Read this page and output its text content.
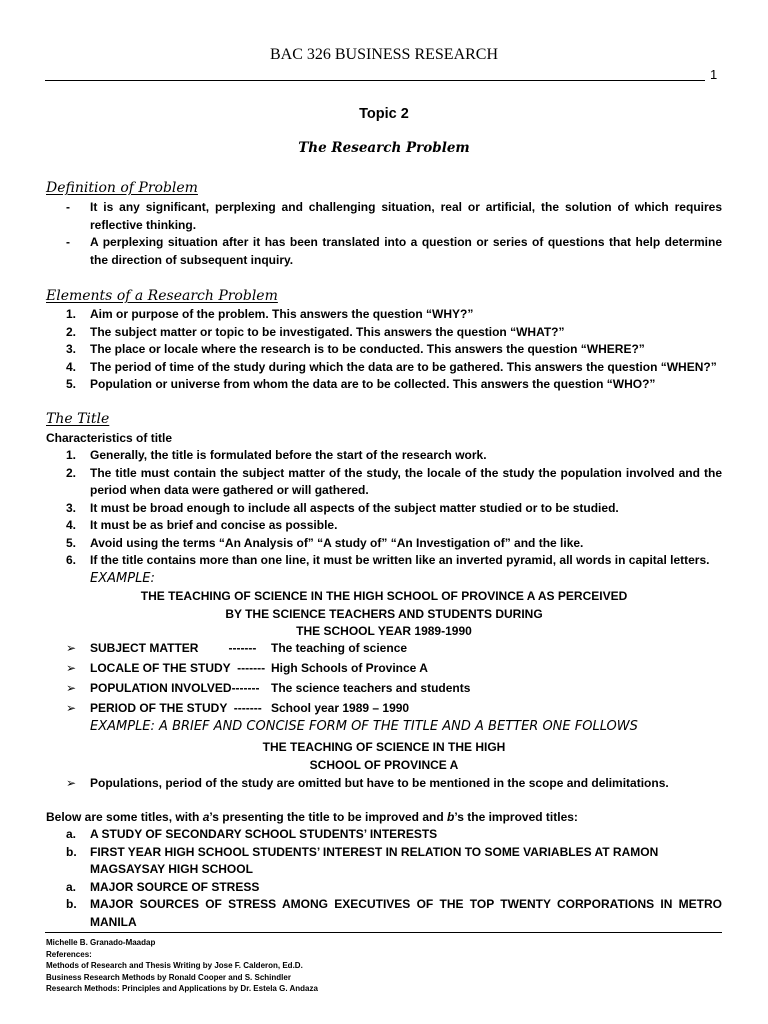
BAC 326 BUSINESS RESEARCH
1
Topic 2
The Research Problem
Definition of Problem
- It is any significant, perplexing and challenging situation, real or artificial, the solution of which requires reflective thinking.
- A perplexing situation after it has been translated into a question or series of questions that help determine the direction of subsequent inquiry.
Elements of a Research Problem
1. Aim or purpose of the problem. This answers the question “WHY?”
2. The subject matter or topic to be investigated. This answers the question “WHAT?”
3. The place or locale where the research is to be conducted. This answers the question “WHERE?”
4. The period of time of the study during which the data are to be gathered. This answers the question “WHEN?”
5. Population or universe from whom the data are to be collected. This answers the question “WHO?”
The Title
Characteristics of title
1. Generally, the title is formulated before the start of the research work.
2. The title must contain the subject matter of the study, the locale of the study the population involved and the period when data were gathered or will gathered.
3. It must be broad enough to include all aspects of the subject matter studied or to be studied.
4. It must be as brief and concise as possible.
5. Avoid using the terms “An Analysis of” “A study of” “An Investigation of” and the like.
6. If the title contains more than one line, it must be written like an inverted pyramid, all words in capital letters.
EXAMPLE:
THE TEACHING OF SCIENCE IN THE HIGH SCHOOL OF PROVINCE A AS PERCEIVED
BY THE SCIENCE TEACHERS AND STUDENTS DURING
THE SCHOOL YEAR 1989-1990
➢ SUBJECT MATTER         ------- The teaching of science
➢ LOCALE OF THE STUDY  ------- High Schools of Province A
➢ POPULATION INVOLVED------- The science teachers and students
➢ PERIOD OF THE STUDY  ------- School year 1989 – 1990
EXAMPLE: A BRIEF AND CONCISE FORM OF THE TITLE AND A BETTER ONE FOLLOWS
THE TEACHING OF SCIENCE IN THE HIGH
SCHOOL OF PROVINCE A
➢ Populations, period of the study are omitted but have to be mentioned in the scope and delimitations.
Below are some titles, with a’s presenting the title to be improved and b’s the improved titles:
a. A STUDY OF SECONDARY SCHOOL STUDENTS’ INTERESTS
b. FIRST YEAR HIGH SCHOOL STUDENTS’ INTEREST IN RELATION TO SOME VARIABLES AT RAMON MAGSAYSAY HIGH SCHOOL
a. MAJOR SOURCE OF STRESS
b. MAJOR SOURCES OF STRESS AMONG EXECUTIVES OF THE TOP TWENTY CORPORATIONS IN METRO MANILA
Michelle B. Granado-Maadap
References:
Methods of Research and Thesis Writing by Jose F. Calderon, Ed.D.
Business Research Methods by Ronald Cooper and S. Schindler
Research Methods: Principles and Applications by Dr. Estela G. Andaza
